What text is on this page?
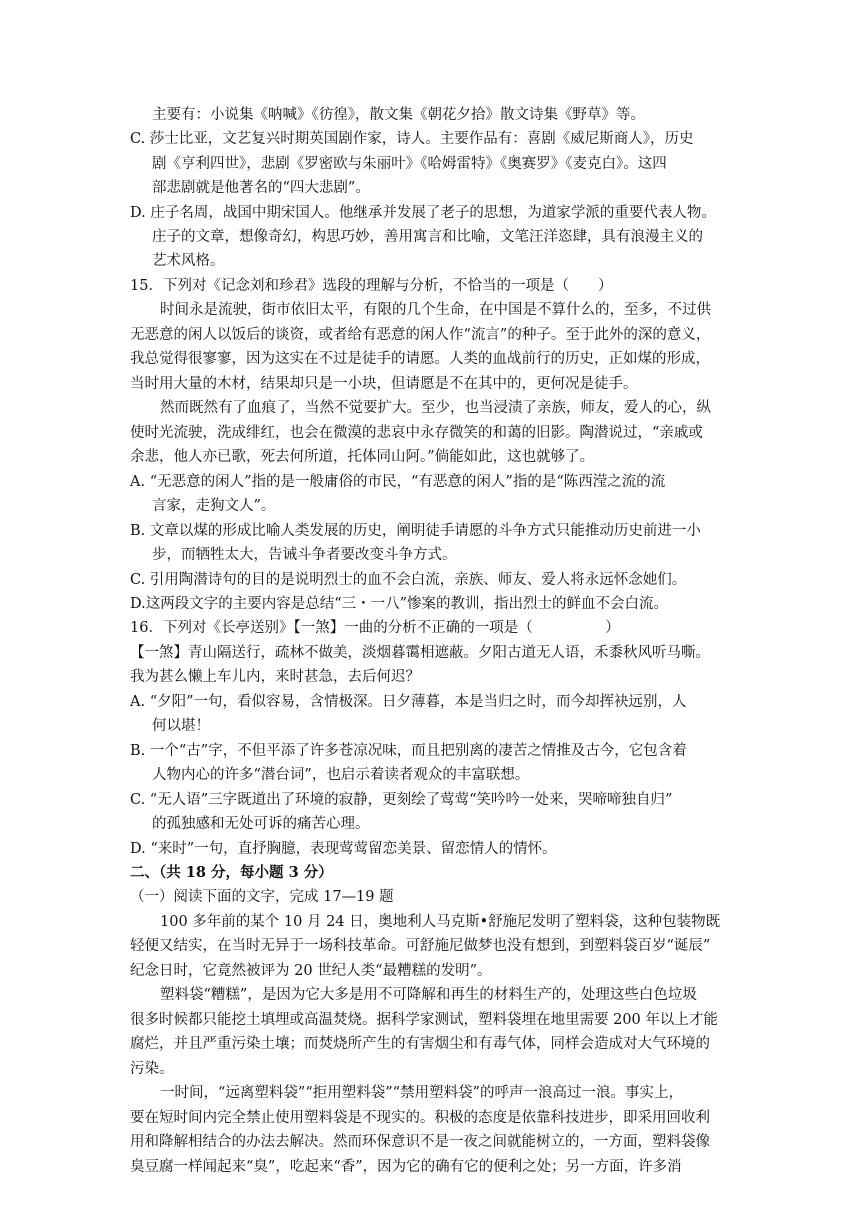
主要有：小说集《呐喊》《彷徨》，散文集《朝花夕拾》散文诗集《野草》等。
C. 莎士比亚，文艺复兴时期英国剧作家，诗人。主要作品有：喜剧《威尼斯商人》，历史
剧《亨利四世》，悲剧《罗密欧与朱丽叶》《哈姆雷特》《奥赛罗》《麦克白》。这四
部悲剧就是他著名的“四大悲剧”。
D. 庄子名周，战国中期宋国人。他继承并发展了老子的思想，为道家学派的重要代表人物。
庄子的文章，想像奇幻，构思巧妙，善用寓言和比喻，文笔汪洋恣肆，具有浪漫主义的
艺术风格。
15．下列对《记念刘和珍君》选段的理解与分析，不恰当的一项是（　　）
时间永是流驶，街市依旧太平，有限的几个生命，在中国是不算什么的，至多，不过供
无恶意的闲人以饭后的谈资，或者给有恶意的闲人作“流言”的种子。至于此外的深的意义，
我总觉得很寥寥，因为这实在不过是徒手的请愿。人类的血战前行的历史，正如煤的形成，
当时用大量的木材，结果却只是一小块，但请愿是不在其中的，更何况是徒手。
然而既然有了血痕了，当然不觉要扩大。至少，也当浸渍了亲族，师友，爱人的心，纵
使时光流驶，洗成绯红，也会在微漠的悲哀中永存微笑的和蔼的旧影。陶潜说过，“亲戚或
余悲，他人亦已歌，死去何所道，托体同山阿。”倘能如此，这也就够了。
A. “无恶意的闲人”指的是一般庸俗的市民，“有恶意的闲人”指的是“陈西滢之流的流
言家，走狗文人”。
B. 文章以煤的形成比喻人类发展的历史，阐明徒手请愿的斗争方式只能推动历史前进一小
步，而牺牲太大，告诫斗争者要改变斗争方式。
C. 引用陶潜诗句的目的是说明烈士的血不会白流，亲族、师友、爱人将永远怀念她们。
D.这两段文字的主要内容是总结“三・一八”惨案的教训，指出烈士的鲜血不会白流。
16．下列对《长亭送别》【一煞】一曲的分析不正确的一项是（　　　　　）
【一煞】青山隔送行，疏林不做美，淡烟暮霭相遮蔽。夕阳古道无人语，禾黍秋风听马嘶。
我为甚么懒上车儿内，来时甚急，去后何迟？
A. “夕阳”一句，看似容易，含情极深。日夕薄暮，本是当归之时，而今却挥袂远别，人
何以堪！
B. 一个“古”字，不但平添了许多苍凉况味，而且把别离的凄苦之情推及古今，它包含着
人物内心的许多“潜台词”，也启示着读者观众的丰富联想。
C. “无人语”三字既道出了环境的寂静，更刻绘了莺莺“笑吟吟一处来，哭啼啼独自归”
的孤独感和无处可诉的痛苦心理。
D. “来时”一句，直抒胸臆，表现莺莺留恋美景、留恋情人的情怀。
二、（共 18 分，每小题 3 分）
（一）阅读下面的文字，完成 17—19 题
100 多年前的某个 10 月 24 日，奥地利人马克斯•舒施尼发明了塑料袋，这种包装物既
轻便又结实，在当时无异于一场科技革命。可舒施尼做梦也没有想到，到塑料袋百岁“诞辰”
纪念日时，它竟然被评为 20 世纪人类“最糟糕的发明”。
塑料袋“糟糕”，是因为它大多是用不可降解和再生的材料生产的，处理这些白色垃圾
很多时候都只能挖土填埋或高温焚烧。据科学家测试，塑料袋埋在地里需要 200 年以上才能
腐烂，并且严重污染土壤；而焚烧所产生的有害烟尘和有毒气体，同样会造成对大气环境的
污染。
一时间，“远离塑料袋”“拒用塑料袋”“禁用塑料袋”的呼声一浪高过一浪。事实上，
要在短时间内完全禁止使用塑料袋是不现实的。积极的态度是依靠科技进步，即采用回收利
用和降解相结合的办法去解决。然而环保意识不是一夜之间就能树立的，一方面，塑料袋像
臭豆腐一样闻起来“臭”，吃起来“香”，因为它的确有它的便利之处；另一方面，许多消
